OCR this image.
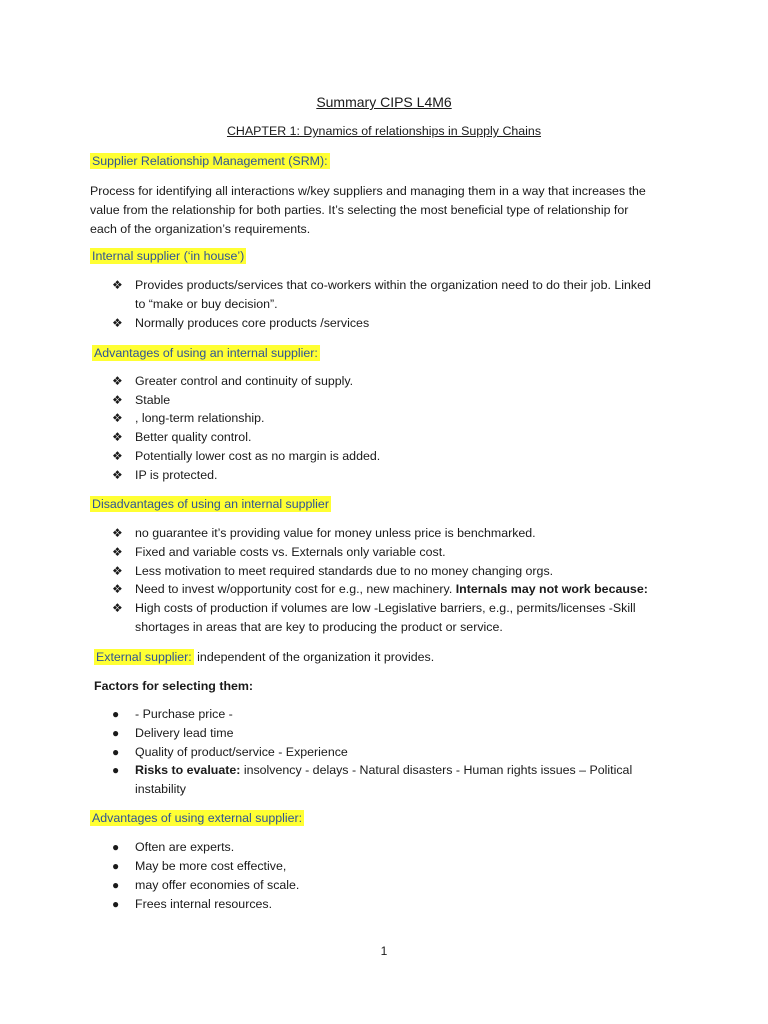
Summary CIPS L4M6
CHAPTER 1: Dynamics of relationships in Supply Chains
Supplier Relationship Management (SRM):
Process for identifying all interactions w/key suppliers and managing them in a way that increases the
value from the relationship for both parties. It’s selecting the most beneficial type of relationship for
each of the organization’s requirements.
Internal supplier (‘in house’)
❖ Provides products/services that co-workers within the organization need to do their job. Linked
to “make or buy decision”.
❖ Normally produces core products /services
Advantages of using an internal supplier:
❖ Greater control and continuity of supply.
❖ Stable
❖ , long-term relationship.
❖ Better quality control.
❖ Potentially lower cost as no margin is added.
❖ IP is protected.
Disadvantages of using an internal supplier
❖ no guarantee it’s providing value for money unless price is benchmarked.
❖ Fixed and variable costs vs. Externals only variable cost.
❖ Less motivation to meet required standards due to no money changing orgs.
❖ Need to invest w/opportunity cost for e.g., new machinery. Internals may not work because:
❖ High costs of production if volumes are low -Legislative barriers, e.g., permits/licenses -Skill
shortages in areas that are key to producing the product or service.
External supplier: independent of the organization it provides.
Factors for selecting them:
●	- Purchase price -
●	Delivery lead time
●	Quality of product/service - Experience
●	Risks to evaluate: insolvency - delays - Natural disasters - Human rights issues – Political
instability
Advantages of using external supplier:
●	Often are experts.
●	May be more cost effective,
●	may offer economies of scale.
●	Frees internal resources.
1
